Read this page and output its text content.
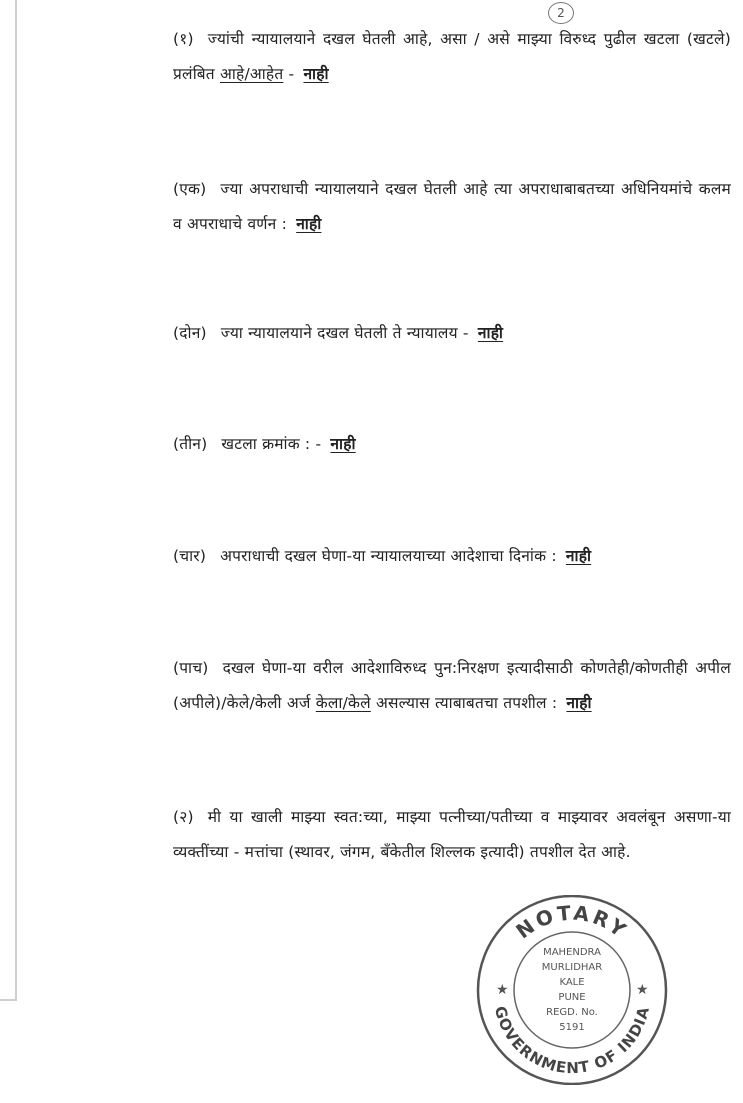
2
(१) ज्यांची न्यायालयाने दखल घेतली आहे, असा / असे माझ्या विरुध्द पुढील खटला (खटले) प्रलंबित आहे/आहेत - नाही
(एक) ज्या अपराधाची न्यायालयाने दखल घेतली आहे त्या अपराधाबाबतच्या अधिनियमांचे कलम व अपराधाचे वर्णन : नाही
(दोन) ज्या न्यायालयाने दखल घेतली ते न्यायालय - नाही
(तीन) खटला क्रमांक : - नाही
(चार) अपराधाची दखल घेणा-या न्यायालयाच्या आदेशाचा दिनांक : नाही
(पाच) दखल घेणा-या वरील आदेशाविरुध्द पुन:निरक्षण इत्यादीसाठी कोणतेही/कोणतीही अपील (अपीले)/केले/केली अर्ज केला/केले असल्यास त्याबाबतचा तपशील : नाही
(२) मी या खाली माझ्या स्वत:च्या, माझ्या पत्नीच्या/पतीच्या व माझ्यावर अवलंबून असणा-या व्यक्तींच्या - मत्तांचा (स्थावर, जंगम, बँकेतील शिल्लक इत्यादी) तपशील देत आहे.
NOTARY
GOVERNMENT OF INDIA
★	★
MAHENDRA
MURLIDHAR
KALE
PUNE
REGD. No.
5191
